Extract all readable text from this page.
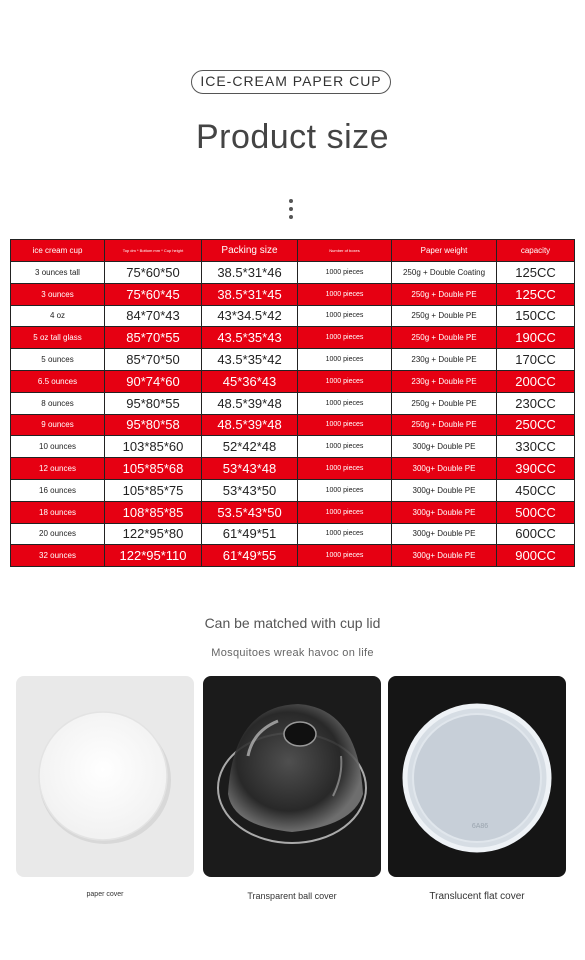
ICE-CREAM PAPER CUP
Product size
ice cream cup	Top dm * Bottom mm * Cup height	Packing size	Number of boxes	Paper weight	capacity
3 ounces tall	75*60*50	38.5*31*46	1000 pieces	250g + Double Coating	125CC
3 ounces	75*60*45	38.5*31*45	1000 pieces	250g + Double PE	125CC
4 oz	84*70*43	43*34.5*42	1000 pieces	250g + Double PE	150CC
5 oz tall glass	85*70*55	43.5*35*43	1000 pieces	250g + Double PE	190CC
5 ounces	85*70*50	43.5*35*42	1000 pieces	230g + Double PE	170CC
6.5 ounces	90*74*60	45*36*43	1000 pieces	230g + Double PE	200CC
8 ounces	95*80*55	48.5*39*48	1000 pieces	250g + Double PE	230CC
9 ounces	95*80*58	48.5*39*48	1000 pieces	250g + Double PE	250CC
10 ounces	103*85*60	52*42*48	1000 pieces	300g+ Double PE	330CC
12 ounces	105*85*68	53*43*48	1000 pieces	300g+ Double PE	390CC
16 ounces	105*85*75	53*43*50	1000 pieces	300g+ Double PE	450CC
18 ounces	108*85*85	53.5*43*50	1000 pieces	300g+ Double PE	500CC
20 ounces	122*95*80	61*49*51	1000 pieces	300g+ Double PE	600CC
32 ounces	122*95*110	61*49*55	1000 pieces	300g+ Double PE	900CC
Can be matched with cup lid
Mosquitoes wreak havoc on life
6A86
paper cover	Transparent ball cover	Translucent flat cover
